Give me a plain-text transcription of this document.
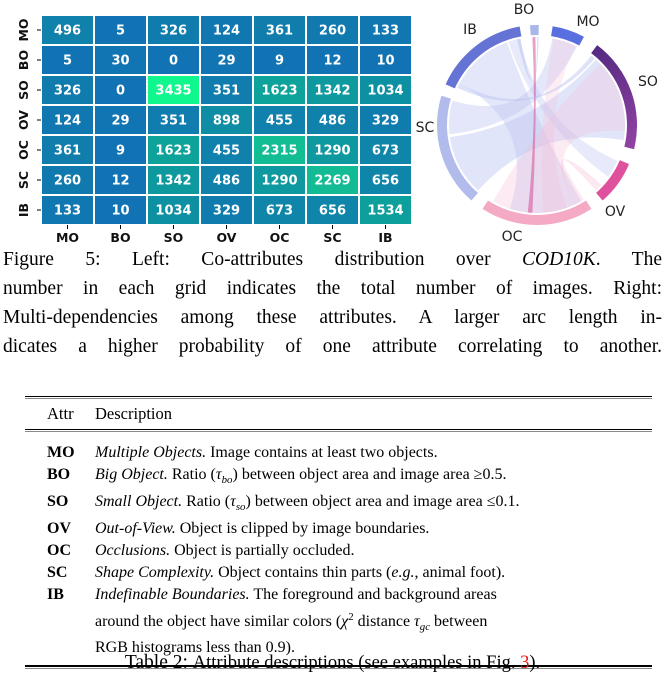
496	5	326 124 361 260 133
5	30	0	29	9	12	10
326	0 3435 351 1623 1342 1034
124 29 351 898 455 486 329
361	9 1623 455 2315 1290 673
260 12 1342 486 1290 2269 656
133 10 1034 329 673 656 1534
MO
MO
BO
BO
SO
SO
OV
OV
OC
OC
SC
SC
IB
IB
BO
MO
SO
OV
OC
SC
IB
Figure 5: Left: Co-attributes distribution over COD10K. The
number in each grid indicates the total number of images. Right:
Multi-dependencies among these attributes. A larger arc length in-
dicates a higher probability of one attribute correlating to another.
Attr	Description
MO	Multiple Objects. Image contains at least two objects.
BO	Big Object. Ratio $(\tau_{bo})$ between object area and image area ≥0.5.
SO	Small Object. Ratio $(\tau_{so})$ between object area and image area ≤0.1.
OV	Out-of-View. Object is clipped by image boundaries.
OC	Occlusions. Object is partially occluded.
SC	Shape Complexity. Object contains thin parts (e.g., animal foot).
IB	Indefinable Boundaries. The foreground and background areas
around the object have similar colors ($\chi^2$ distance $\tau_{gc}$ between
RGB histograms less than 0.9).
Table 2: Attribute descriptions (see examples in Fig. 3).
